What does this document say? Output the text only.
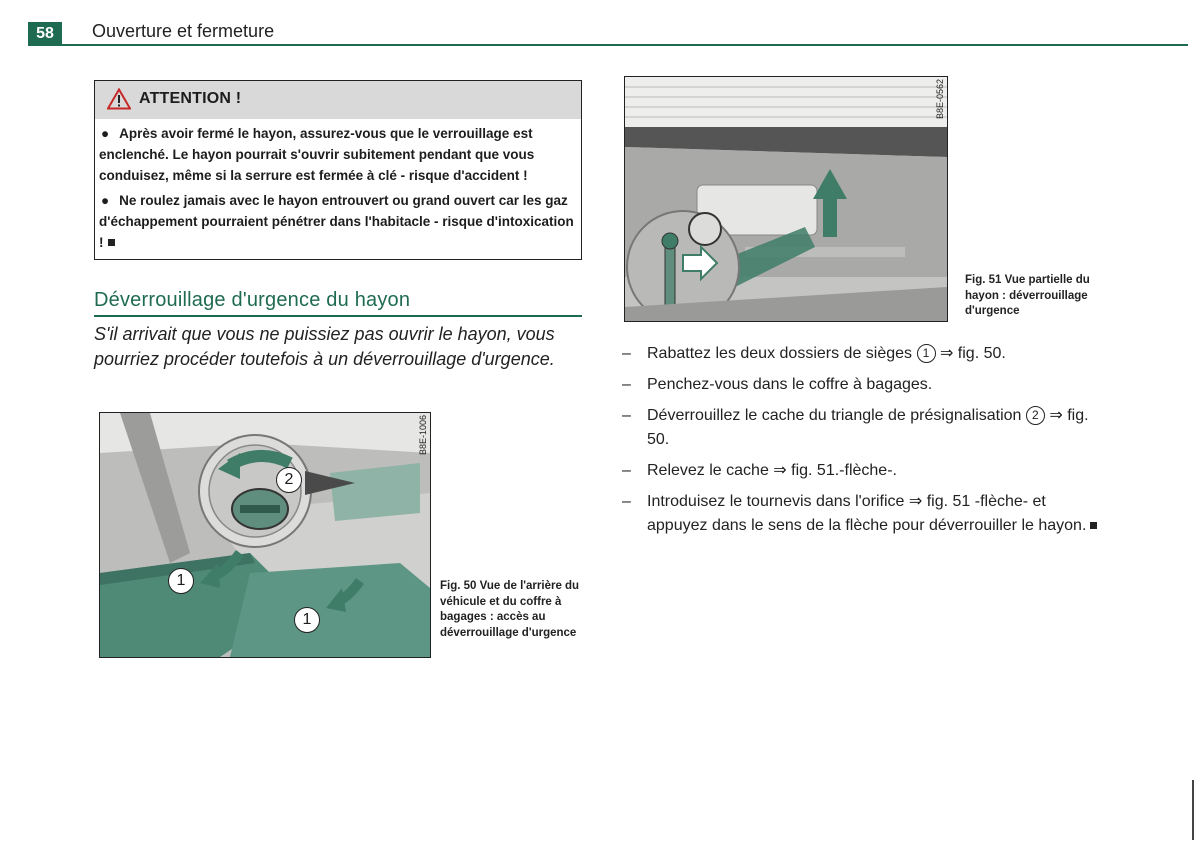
58	Ouverture et fermeture
ATTENTION !
● Après avoir fermé le hayon, assurez-vous que le verrouillage est enclenché. Le hayon pourrait s'ouvrir subitement pendant que vous conduisez, même si la serrure est fermée à clé - risque d'accident !
● Ne roulez jamais avec le hayon entrouvert ou grand ouvert car les gaz d'échappement pourraient pénétrer dans l'habitacle - risque d'intoxication !
Déverrouillage d'urgence du hayon
S'il arrivait que vous ne puissiez pas ouvrir le hayon, vous pourriez procéder toutefois à un déverrouillage d'urgence.
B8E-1006
1
1
2
Fig. 50 Vue de l'arrière du véhicule et du coffre à bagages : accès au déverrouillage d'urgence
B8E-0562
Fig. 51 Vue partielle du hayon : déverrouillage d'urgence
– Rabattez les deux dossiers de sièges 1 ⇒ fig. 50.
– Penchez-vous dans le coffre à bagages.
– Déverrouillez le cache du triangle de présignalisation 2 ⇒ fig. 50.
– Relevez le cache ⇒ fig. 51.-flèche-.
– Introduisez le tournevis dans l'orifice ⇒ fig. 51 -flèche- et appuyez dans le sens de la flèche pour déverrouiller le hayon.
